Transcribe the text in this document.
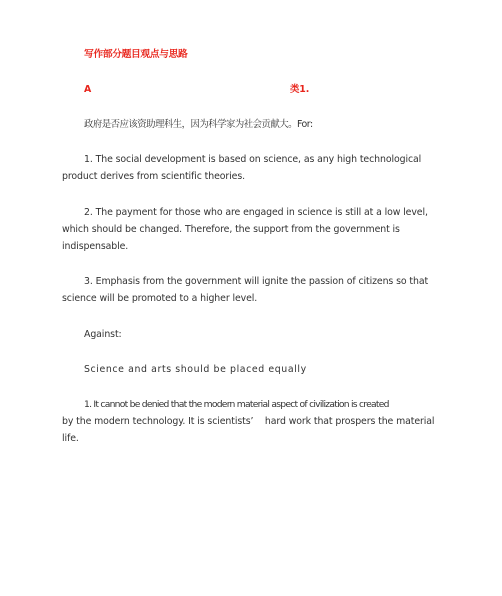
写作部分题目观点与思路
A	类1.
政府是否应该资助理科生，因为科学家为社会贡献大。For:
1. The social development is based on science, as any high technological
product derives from scientific theories.
2. The payment for those who are engaged in science is still at a low level,
which should be changed. Therefore, the support from the government is
indispensable.
3. Emphasis from the government will ignite the passion of citizens so that
science will be promoted to a higher level.
Against:
Science and arts should be placed equally
1. It cannot be denied that the modern material aspect of civilization is created
by the modern technology. It is scientists’    hard work that prospers the material
life.
